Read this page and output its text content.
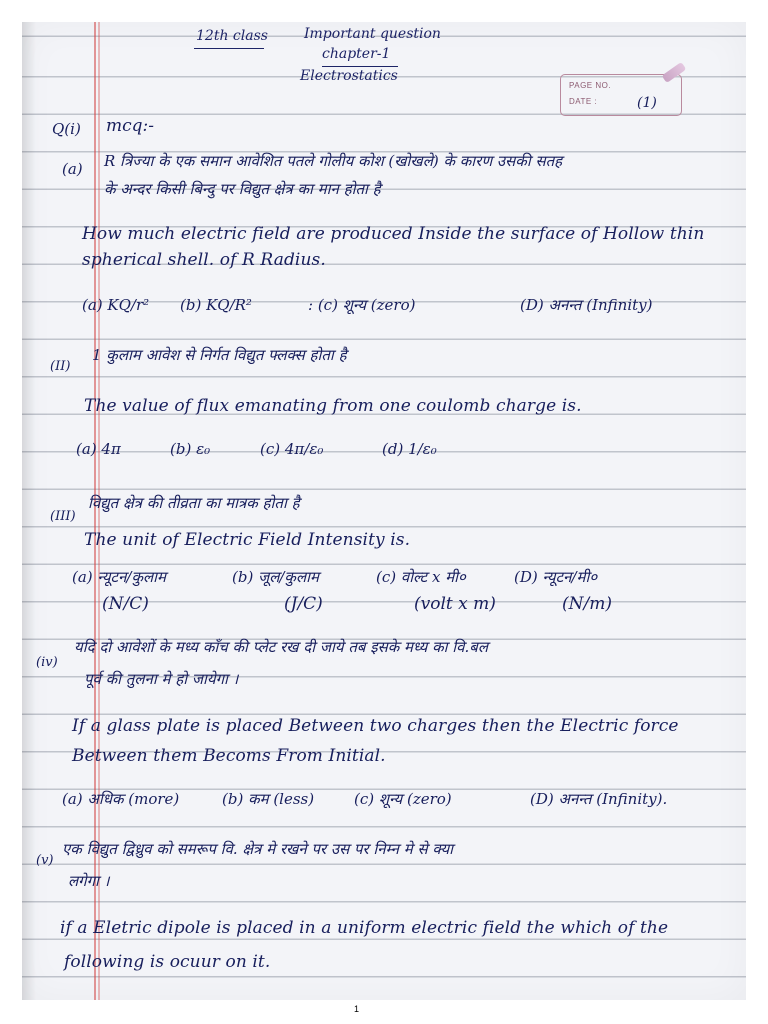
12th class	Important question
chapter-1
Electrostatics
PAGE NO.
DATE :	(1)
Q(i) mcq:-
(a) R त्रिज्या के एक समान आवेशित पतले गोलीय कोश (खोखले) के कारण उसकी सतह
के अन्दर किसी बिन्दु पर विद्युत क्षेत्र का मान होता है
How much electric field are produced Inside the surface of Hollow thin
spherical shell. of R Radius.
(a) KQ/r² (b) KQ/R²	: (c) शून्य (zero)	(D) अनन्त (Infinity)
(II)
1 कुलाम आवेश से निर्गत विद्युत फ्लक्स होता है
The value of flux emanating from one coulomb charge is.
(a) 4π	(b) ε₀	(c) 4π/ε₀	(d) 1/ε₀
(III)
विद्युत क्षेत्र की तीव्रता का मात्रक होता है
The unit of Electric Field Intensity is.
(a) न्यूटन/कुलाम	(b) जूल/कुलाम	(c) वोल्ट x मी०	(D) न्यूटन/मी०
(N/C)	(J/C)	(volt x m)	(N/m)
(iv)
यदि दो आवेशों के मध्य काँच की प्लेट रख दी जाये तब इसके मध्य का वि.बल
पूर्व की तुलना मे हो जायेगा ।
If a glass plate is placed Between two charges then the Electric force
Between them Becoms From Initial.
(a) अधिक (more)	(b) कम (less)	(c) शून्य (zero)	(D) अनन्त (Infinity).
(v)
एक विद्युत द्विध्रुव को समरूप वि. क्षेत्र मे रखने पर उस पर निम्न मे से क्या
लगेगा ।
if a Eletric dipole is placed in a uniform electric field the which of the
following is ocuur on it.
1
